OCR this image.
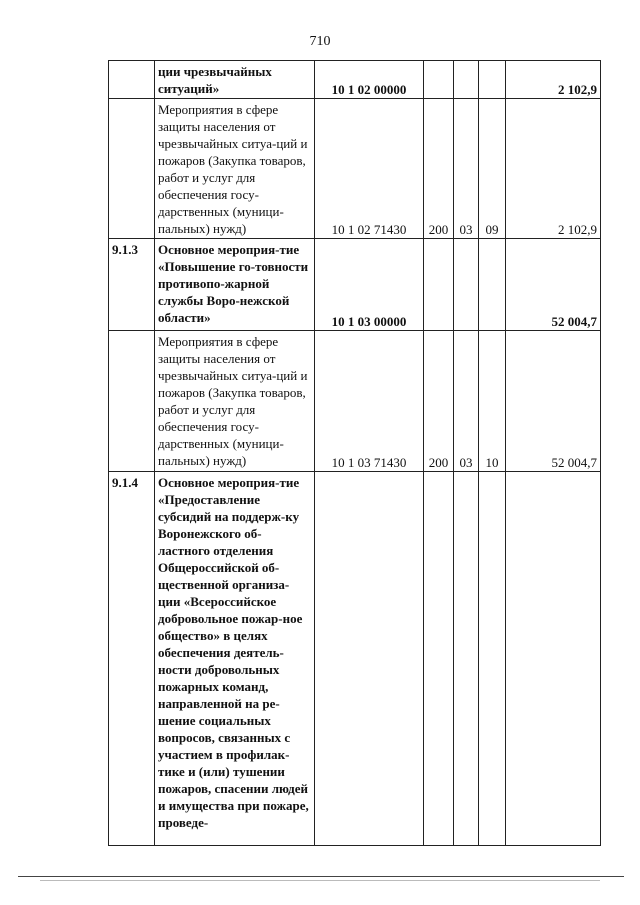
710
	ции чрезвычайных ситуаций»	10 1 02 00000				2 102,9
	Мероприятия в сфере защиты населения от чрезвычайных ситуа-ций и пожаров (Закупка товаров, работ и услуг для обеспечения госу-дарственных (муници-пальных) нужд)	10 1 02 71430	200	03	09	2 102,9
9.1.3	Основное мероприя-тие «Повышение го-товности противопо-жарной службы Воро-нежской области»	10 1 03 00000				52 004,7
	Мероприятия в сфере защиты населения от чрезвычайных ситуа-ций и пожаров (Закупка товаров, работ и услуг для обеспечения госу-дарственных (муници-пальных) нужд)	10 1 03 71430	200	03	10	52 004,7
9.1.4	Основное мероприя-тие «Предоставление субсидий на поддерж-ку Воронежского об-ластного отделения Общероссийской об-щественной организа-ции «Всероссийское добровольное пожар-ное общество» в целях обеспечения деятель-ности добровольных пожарных команд, направленной на ре-шение социальных вопросов, связанных с участием в профилак-тике и (или) тушении пожаров, спасении людей и имущества при пожаре, проведе-					
